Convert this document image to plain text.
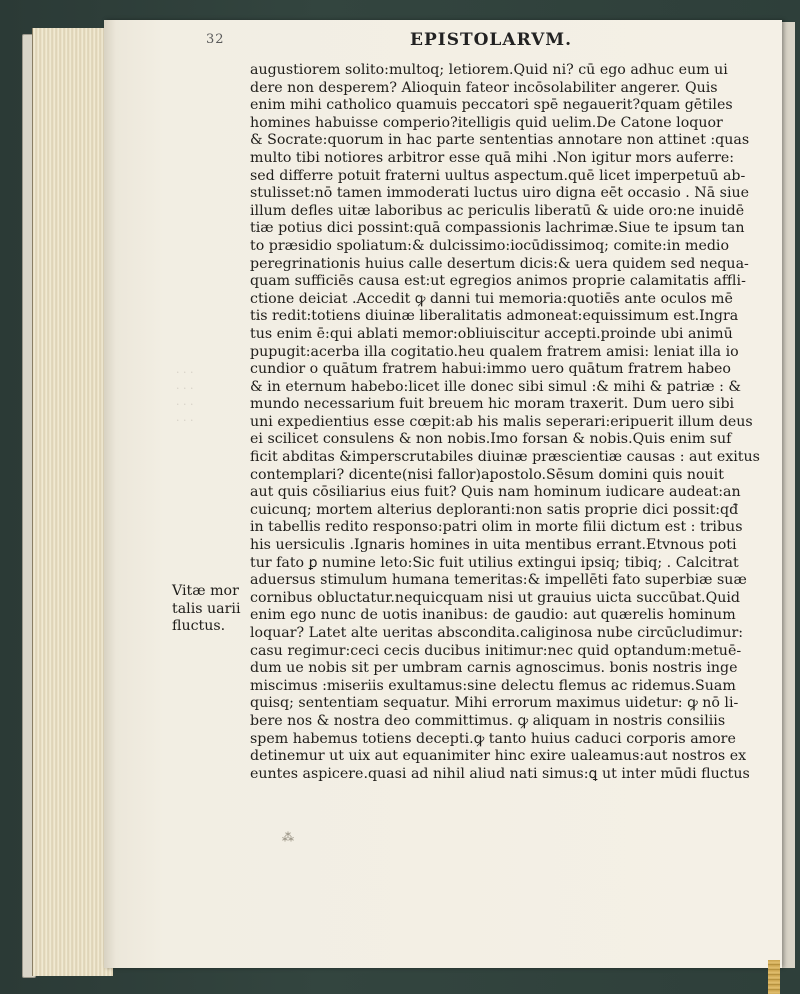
32	EPISTOLARVM.
· · ·
· · ·
· · ·
· · ·
Vitæ mor
talis uarii
fluctus.
augustiorem solito:multoq; letiorem.Quid ni? cū ego adhuc eum ui
dere non desperem? Alioquin fateor incōsolabiliter angerer. Quis
enim mihi catholico quamuis peccatori spē negauerit?quam gētiles
homines habuisse comperio?itelligis quid uelim.De Catone loquor
& Socrate:quorum in hac parte sententias annotare non attinet :quas
multo tibi notiores arbitror esse quā mihi .Non igitur mors auferre:
sed differre potuit fraterni uultus aspectum.quē licet imperpetuū ab-
stulisset:nō tamen immoderati luctus uiro digna eēt occasio . Nā siue
illum defles uitæ laboribus ac periculis liberatū & uide oro:ne inuidē
tiæ potius dici possint:quā compassionis lachrimæ.Siue te ipsum tan
to præsidio spoliatum:& dulcissimo:iocūdissimoq; comite:in medio
peregrinationis huius calle desertum dicis:& uera quidem sed nequa-
quam sufficiēs causa est:ut egregios animos proprie calamitatis affli-
ctione deiciat .Accedit ꝙ danni tui memoria:quotiēs ante oculos mē
tis redit:totiens diuinæ liberalitatis admoneat:equissimum est.Ingra
tus enim ē:qui ablati memor:obliuiscitur accepti.proinde ubi animū
pupugit:acerba illa cogitatio.heu qualem fratrem amisi: leniat illa io
cundior o quātum fratrem habui:immo uero quātum fratrem habeo
& in eternum habebo:licet ille donec sibi simul :& mihi & patriæ : &
mundo necessarium fuit breuem hic moram traxerit. Dum uero sibi
uni expedientius esse cœpit:ab his malis seperari:eripuerit illum deus
ei scilicet consulens & non nobis.Imo forsan & nobis.Quis enim suf
ficit abditas &imperscrutabiles diuinæ præscientiæ causas : aut exitus
contemplari? dicente(nisi fallor)apostolo.Sēsum domini quis nouit
aut quis cōsiliarius eius fuit? Quis nam hominum iudicare audeat:an
cuicunq; mortem alterius deploranti:non satis proprie dici possit:qđ
in tabellis redito responso:patri olim in morte filii dictum est : tribus
his uersiculis .Ignaris homines in uita mentibus errant.Etvnous poti
tur fato ꝑ numine leto:Sic fuit utilius extingui ipsiq; tibiq; . Calcitrat
aduersus stimulum humana temeritas:& impellēti fato superbiæ suæ
cornibus obluctatur.nequicquam nisi ut grauius uicta succūbat.Quid
enim ego nunc de uotis inanibus: de gaudio: aut quærelis hominum
loquar? Latet alte ueritas abscondita.caliginosa nube circūcludimur:
casu regimur:ceci cecis ducibus initimur:nec quid optandum:metuē-
dum ue nobis sit per umbram carnis agnoscimus. bonis nostris inge
miscimus :miseriis exultamus:sine delectu flemus ac ridemus.Suam
quisq; sententiam sequatur. Mihi errorum maximus uidetur: ꝙ nō li-
bere nos & nostra deo committimus. ꝙ aliquam in nostris consiliis
spem habemus totiens decepti.ꝙ tanto huius caduci corporis amore
detinemur ut uix aut equanimiter hinc exire ualeamus:aut nostros ex
euntes aspicere.quasi ad nihil aliud nati simus:ꝗ ut inter mūdi fluctus
⁂
